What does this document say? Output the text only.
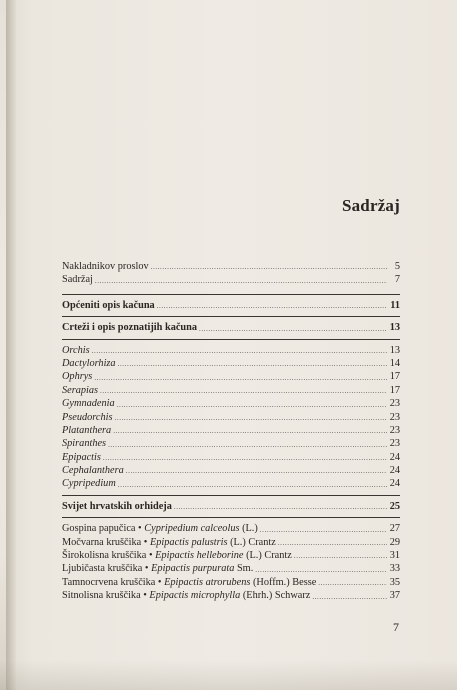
Sadržaj
Nakladnikov proslov .....	5
Sadržaj .....	7
Općeniti opis kačuna .....	11
Crteži i opis poznatijih kačuna .....	13
Orchis .....	13
Dactylorhiza .....	14
Ophrys .....	17
Serapias .....	17
Gymnadenia .....	23
Pseudorchis .....	23
Platanthera .....	23
Spiranthes .....	23
Epipactis .....	24
Cephalanthera .....	24
Cypripedium .....	24
Svijet hrvatskih orhideja .....	25
Gospina papučica • Cypripedium calceolus (L.) .....	27
Močvarna kruščika • Epipactis palustris (L.) Crantz .....	29
Širokolisna kruščika • Epipactis helleborine (L.) Crantz .....	31
Ljubičasta kruščika • Epipactis purpurata Sm. .....	33
Tamnocrvena kruščika • Epipactis atrorubens (Hoffm.) Besse .....	35
Sitnolisna kruščika • Epipactis microphylla (Ehrh.) Schwarz .....	37
7
